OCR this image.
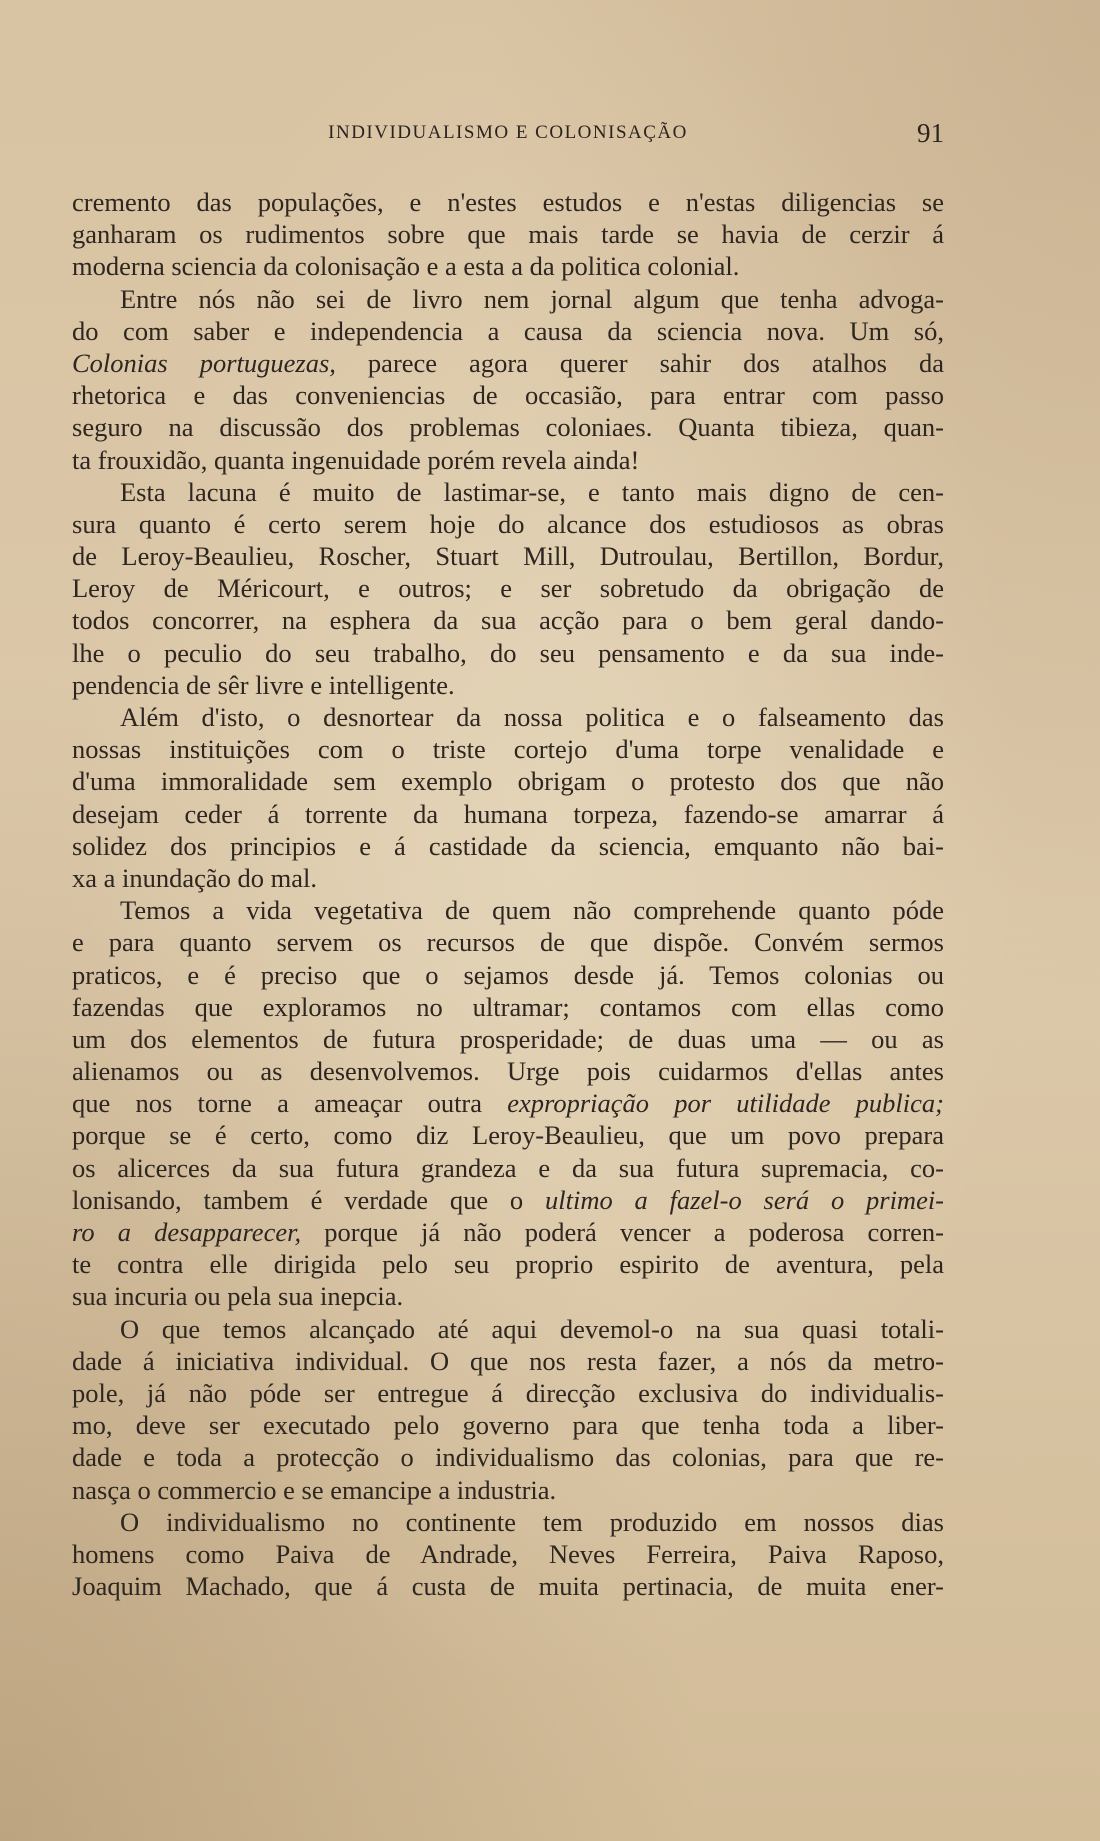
INDIVIDUALISMO E COLONISAÇÃO	91
cremento das populações, e n'estes estudos e n'estas diligencias se
ganharam os rudimentos sobre que mais tarde se havia de cerzir á
moderna sciencia da colonisação e a esta a da politica colonial.
Entre nós não sei de livro nem jornal algum que tenha advoga-
do com saber e independencia a causa da sciencia nova. Um só,
Colonias portuguezas, parece agora querer sahir dos atalhos da
rhetorica e das conveniencias de occasião, para entrar com passo
seguro na discussão dos problemas coloniaes. Quanta tibieza, quan-
ta frouxidão, quanta ingenuidade porém revela ainda!
Esta lacuna é muito de lastimar-se, e tanto mais digno de cen-
sura quanto é certo serem hoje do alcance dos estudiosos as obras
de Leroy-Beaulieu, Roscher, Stuart Mill, Dutroulau, Bertillon, Bordur,
Leroy de Méricourt, e outros; e ser sobretudo da obrigação de
todos concorrer, na esphera da sua acção para o bem geral dando-
lhe o peculio do seu trabalho, do seu pensamento e da sua inde-
pendencia de sêr livre e intelligente.
Além d'isto, o desnortear da nossa politica e o falseamento das
nossas instituições com o triste cortejo d'uma torpe venalidade e
d'uma immoralidade sem exemplo obrigam o protesto dos que não
desejam ceder á torrente da humana torpeza, fazendo-se amarrar á
solidez dos principios e á castidade da sciencia, emquanto não bai-
xa a inundação do mal.
Temos a vida vegetativa de quem não comprehende quanto póde
e para quanto servem os recursos de que dispõe. Convém sermos
praticos, e é preciso que o sejamos desde já. Temos colonias ou
fazendas que exploramos no ultramar; contamos com ellas como
um dos elementos de futura prosperidade; de duas uma — ou as
alienamos ou as desenvolvemos. Urge pois cuidarmos d'ellas antes
que nos torne a ameaçar outra expropriação por utilidade publica;
porque se é certo, como diz Leroy-Beaulieu, que um povo prepara
os alicerces da sua futura grandeza e da sua futura supremacia, co-
lonisando, tambem é verdade que o ultimo a fazel-o será o primei-
ro a desapparecer, porque já não poderá vencer a poderosa corren-
te contra elle dirigida pelo seu proprio espirito de aventura, pela
sua incuria ou pela sua inepcia.
O que temos alcançado até aqui devemol-o na sua quasi totali-
dade á iniciativa individual. O que nos resta fazer, a nós da metro-
pole, já não póde ser entregue á direcção exclusiva do individualis-
mo, deve ser executado pelo governo para que tenha toda a liber-
dade e toda a protecção o individualismo das colonias, para que re-
nasça o commercio e se emancipe a industria.
O individualismo no continente tem produzido em nossos dias
homens como Paiva de Andrade, Neves Ferreira, Paiva Raposo,
Joaquim Machado, que á custa de muita pertinacia, de muita ener-
